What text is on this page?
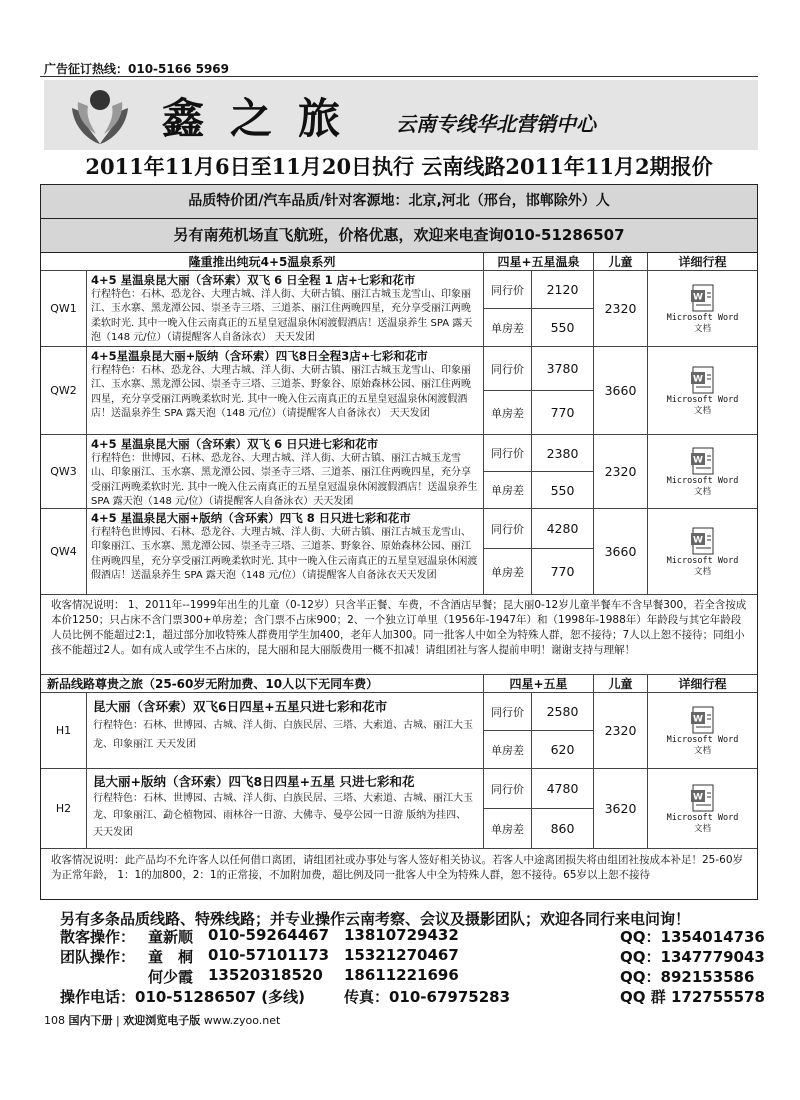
广告征订热线：010-5166 5969
鑫之旅 云南专线华北营销中心
2011年11月6日至11月20日执行 云南线路2011年11月2期报价
品质特价团/汽车品质/针对客源地：北京,河北（邢台，邯郸除外）人
另有南苑机场直飞航班，价格优惠，欢迎来电查询010-51286507
隆重推出纯玩4+5温泉系列	四星+五星温泉	儿童	详细行程
QW1
4+5 星温泉昆大丽（含环索）双飞 6 日全程 1 店+七彩和花市
行程特色：石林、恐龙谷、大理古城、洋人街、大研古镇、丽江古城玉龙雪山、印象丽江、玉水寨、黑龙潭公园、崇圣寺三塔、三道茶、丽江住两晚四星，充分享受丽江两晚柔软时光. 其中一晚入住云南真正的五星皇冠温泉休闲渡假酒店！送温泉养生 SPA 露天泡（148 元/位）（请提醒客人自备泳衣） 天天发团
同行价	2120
单房差	550
2320
W
Microsoft Word
文档
QW2
4+5星温泉昆大丽+版纳（含环索）四飞8日全程3店+七彩和花市
行程特色：石林、恐龙谷、大理古城、洋人街、大研古镇、丽江古城玉龙雪山、印象丽江、玉水寨、黑龙潭公园、崇圣寺三塔、三道茶、野象谷、原始森林公园、丽江住两晚四星，充分享受丽江两晚柔软时光. 其中一晚入住云南真正的五星皇冠温泉休闲渡假酒店！送温泉养生 SPA 露天泡（148 元/位）（请提醒客人自备泳衣） 天天发团
同行价	3780
单房差	770
3660
W
Microsoft Word
文档
QW3
4+5 星温泉昆大丽（含环索）双飞 6 日只进七彩和花市
行程特色：世博园、石林、恐龙谷、大理古城、洋人街、大研古镇、丽江古城玉龙雪山、印象丽江、玉水寨、黑龙潭公园、崇圣寺三塔、三道茶、丽江住两晚四星，充分享受丽江两晚柔软时光. 其中一晚入住云南真正的五星皇冠温泉休闲渡假酒店！送温泉养生 SPA 露天泡（148 元/位）（请提醒客人自备泳衣）天天发团
同行价	2380
单房差	550
2320
W
Microsoft Word
文档
QW4
4+5 星温泉昆大丽+版纳（含环索）四飞 8 日只进七彩和花市
行程特色世博园、石林、恐龙谷、大理古城、洋人街、大研古镇、丽江古城玉龙雪山、印象丽江、玉水寨、黑龙潭公园、崇圣寺三塔、三道茶、野象谷、原始森林公园、丽江住两晚四星，充分享受丽江两晚柔软时光. 其中一晚入住云南真正的五星皇冠温泉休闲渡假酒店！送温泉养生 SPA 露天泡（148 元/位）（请提醒客人自备泳衣天天发团
同行价	4280
单房差	770
3660
W
Microsoft Word
文档
收客情况说明： 1、2011年--1999年出生的儿童（0-12岁）只含半正餐、车费，不含酒店早餐；昆大丽0-12岁儿童半餐车不含早餐300，若全含按成本价1250；只占床不含门票300+单房差；含门票不占床900；2、一个独立订单里（1956年-1947年）和（1998年-1988年）年龄段与其它年龄段人员比例不能超过2:1，超过部分加收特殊人群费用学生加400，老年人加300。同一批客人中如全为特殊人群，恕不接待；7人以上恕不接待；同组小孩不能超过2人。如有成人或学生不占床的，昆大丽和昆大丽版费用一概不扣减！请组团社与客人提前申明！谢谢支持与理解！
新品线路尊贵之旅（25-60岁无附加费、10人以下无同车费）	四星+五星	儿童	详细行程
H1
昆大丽（含环索）双飞6日四星+五星只进七彩和花市
行程特色：石林、世博园、古城、洋人街、白族民居、三塔、大索道、古城、丽江大玉龙、印象丽江 天天发团
同行价	2580
单房差	620
2320
W
Microsoft Word
文档
H2
昆大丽+版纳（含环索）四飞8日四星+五星 只进七彩和花
行程特色：石林、世博园、古城、洋人街、白族民居、三塔、大索道、古城、丽江大玉龙、印象丽江、勐仑植物园、雨林谷一日游、大佛寺、曼亭公园一日游 版纳为挂四、 天天发团
同行价	4780
单房差	860
3620
W
Microsoft Word
文档
收客情况说明：此产品均不允许客人以任何借口离团，请组团社或办事处与客人签好相关协议。若客人中途离团损失将由组团社按成本补足！25-60岁为正常年龄， 1：1的加800，2：1的正常接，不加附加费，超比例及同一批客人中全为特殊人群，恕不接待。65岁以上恕不接待
另有多条品质线路、特殊线路；并专业操作云南考察、会议及摄影团队；欢迎各同行来电问询！
散客操作： 童新顺 010-59264467 13810729432	QQ：1354014736
团队操作： 童　桐 010-57101173 15321270467	QQ：1347779043
何少霞 13520318520 18611221696	QQ：892153586
操作电话：010-51286507 (多线)	传真：010-67975283	QQ 群 172755578
108 国内下册 | 欢迎浏览电子版 www.zyoo.net
